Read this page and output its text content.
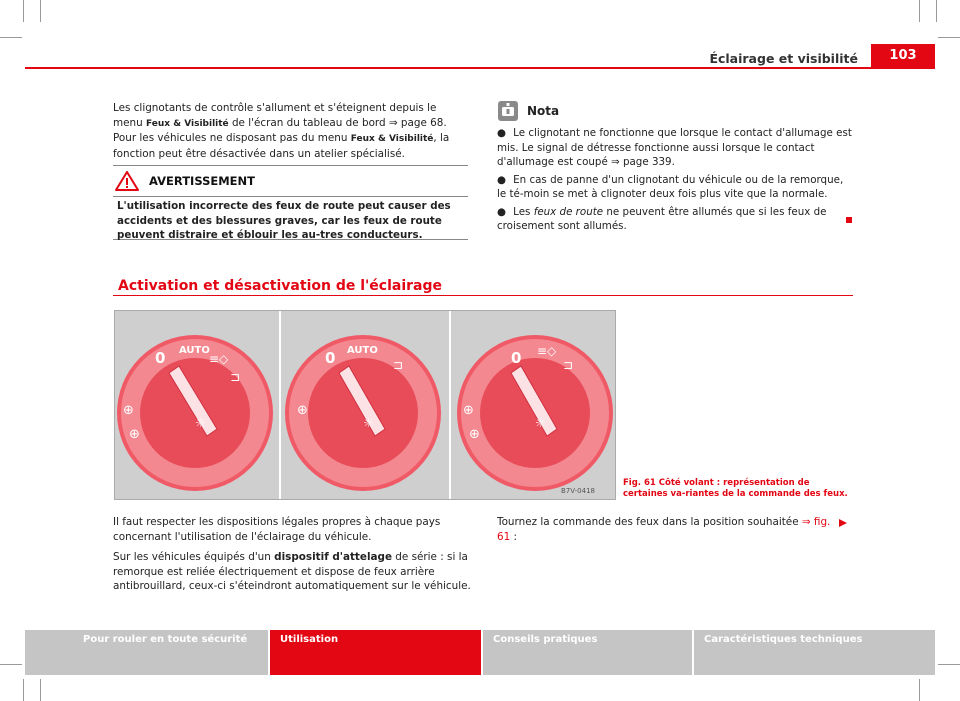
Éclairage et visibilité	103
Les clignotants de contrôle s'allument et s'éteignent depuis le menu Feux & Visibilité de l'écran du tableau de bord ⇒ page 68. Pour les véhicules ne disposant pas du menu Feux & Visibilité, la fonction peut être désactivée dans un atelier spécialisé.
AVERTISSEMENT
L'utilisation incorrecte des feux de route peut causer des accidents et des blessures graves, car les feux de route peuvent distraire et éblouir les au-tres conducteurs.
Nota
●  Le clignotant ne fonctionne que lorsque le contact d'allumage est mis. Le signal de détresse fonctionne aussi lorsque le contact d'allumage est coupé ⇒ page 339.
●  En cas de panne d'un clignotant du véhicule ou de la remorque, le té-moin se met à clignoter deux fois plus vite que la normale.
●  Les feux de route ne peuvent être allumés que si les feux de croisement sont allumés.
Activation et désactivation de l'éclairage
0 AUTO
≡◇
⊐
⊕
⊕
☼
0 AUTO
⊐
⊕
☼
0 ≡◇
⊐
⊕
⊕
☼
B7V-0418
Fig. 61 Côté volant : représentation de certaines va-riantes de la commande des feux.
Il faut respecter les dispositions légales propres à chaque pays concernant l'utilisation de l'éclairage du véhicule.
Sur les véhicules équipés d'un dispositif d'attelage de série : si la remorque est reliée électriquement et dispose de feux arrière antibrouillard, ceux-ci s'éteindront automatiquement sur le véhicule.
Tournez la commande des feux dans la position souhaitée ⇒ fig. 61 :
Pour rouler en toute sécurité	Utilisation	Conseils pratiques	Caractéristiques techniques
